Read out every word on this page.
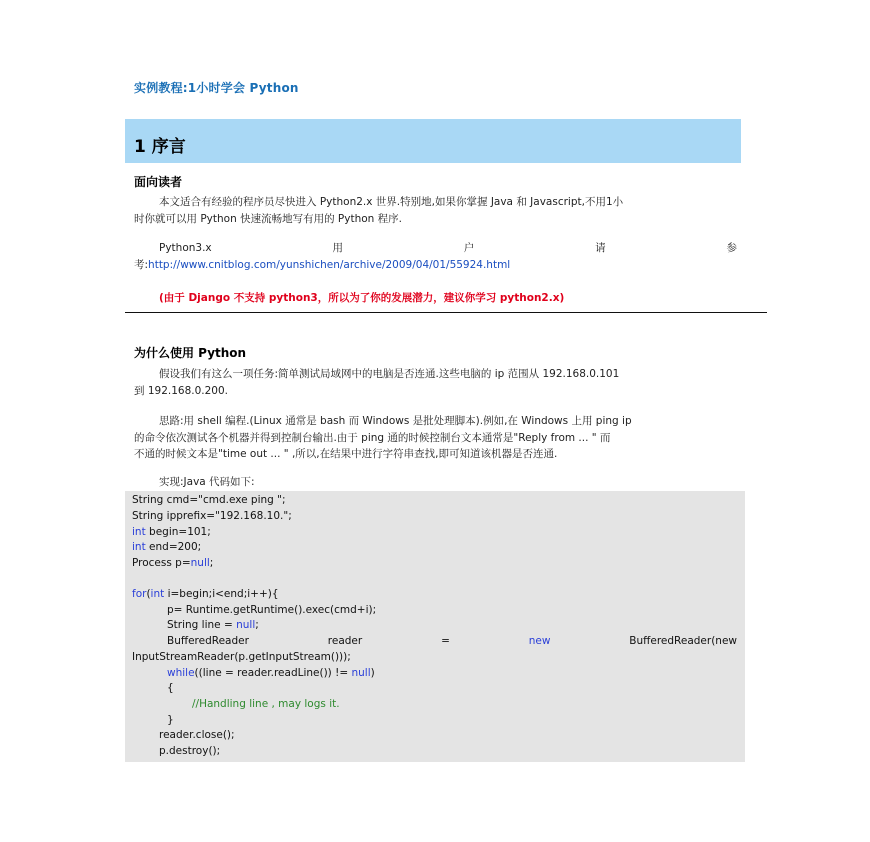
实例教程:1小时学会 Python
1 序言
面向读者
本文适合有经验的程序员尽快进入 Python2.x 世界.特别地,如果你掌握 Java 和 Javascript,不用1小
时你就可以用 Python 快速流畅地写有用的 Python 程序.
Python3.x	用	户	请	参
考:http://www.cnitblog.com/yunshichen/archive/2009/04/01/55924.html
(由于 Django 不支持 python3，所以为了你的发展潜力，建议你学习 python2.x)
为什么使用 Python
假设我们有这么一项任务:简单测试局域网中的电脑是否连通.这些电脑的 ip 范围从 192.168.0.101
到 192.168.0.200.
思路:用 shell 编程.(Linux 通常是 bash 而 Windows 是批处理脚本).例如,在 Windows 上用 ping ip
的命令依次测试各个机器并得到控制台输出.由于 ping 通的时候控制台文本通常是"Reply from ... " 而
不通的时候文本是"time out ... " ,所以,在结果中进行字符串查找,即可知道该机器是否连通.
实现:Java 代码如下:
String cmd="cmd.exe ping ";
String ipprefix="192.168.10.";
int begin=101;
int end=200;
Process p=null;
for(int i=begin;i<end;i++){
p= Runtime.getRuntime().exec(cmd+i);
String line = null;
BufferedReader	reader	=	new	BufferedReader(new
InputStreamReader(p.getInputStream()));
while((line = reader.readLine()) != null)
{
//Handling line , may logs it.
}
reader.close();
p.destroy();
